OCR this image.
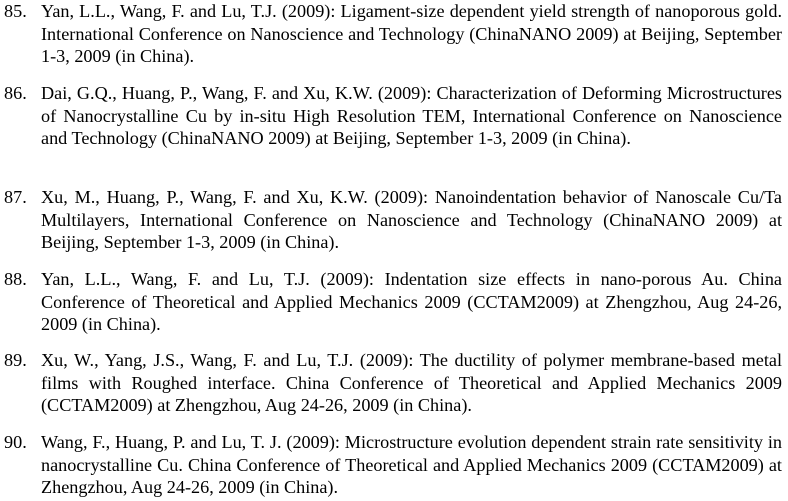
85. Yan, L.L., Wang, F. and Lu, T.J. (2009): Ligament-size dependent yield strength of nanoporous gold. International Conference on Nanoscience and Technology (ChinaNANO 2009) at Beijing, September 1-3, 2009 (in China).
86. Dai, G.Q., Huang, P., Wang, F. and Xu, K.W. (2009): Characterization of Deforming Microstructures of Nanocrystalline Cu by in-situ High Resolution TEM, International Conference on Nanoscience and Technology (ChinaNANO 2009) at Beijing, September 1-3, 2009 (in China).
87. Xu, M., Huang, P., Wang, F. and Xu, K.W. (2009): Nanoindentation behavior of Nanoscale Cu/Ta Multilayers, International Conference on Nanoscience and Technology (ChinaNANO 2009) at Beijing, September 1-3, 2009 (in China).
88. Yan, L.L., Wang, F. and Lu, T.J. (2009): Indentation size effects in nano-porous Au. China Conference of Theoretical and Applied Mechanics 2009 (CCTAM2009) at Zhengzhou, Aug 24-26, 2009 (in China).
89. Xu, W., Yang, J.S., Wang, F. and Lu, T.J. (2009): The ductility of polymer membrane-based metal films with Roughed interface. China Conference of Theoretical and Applied Mechanics 2009 (CCTAM2009) at Zhengzhou, Aug 24-26, 2009 (in China).
90. Wang, F., Huang, P. and Lu, T. J. (2009): Microstructure evolution dependent strain rate sensitivity in nanocrystalline Cu. China Conference of Theoretical and Applied Mechanics 2009 (CCTAM2009) at Zhengzhou, Aug 24-26, 2009 (in China).
